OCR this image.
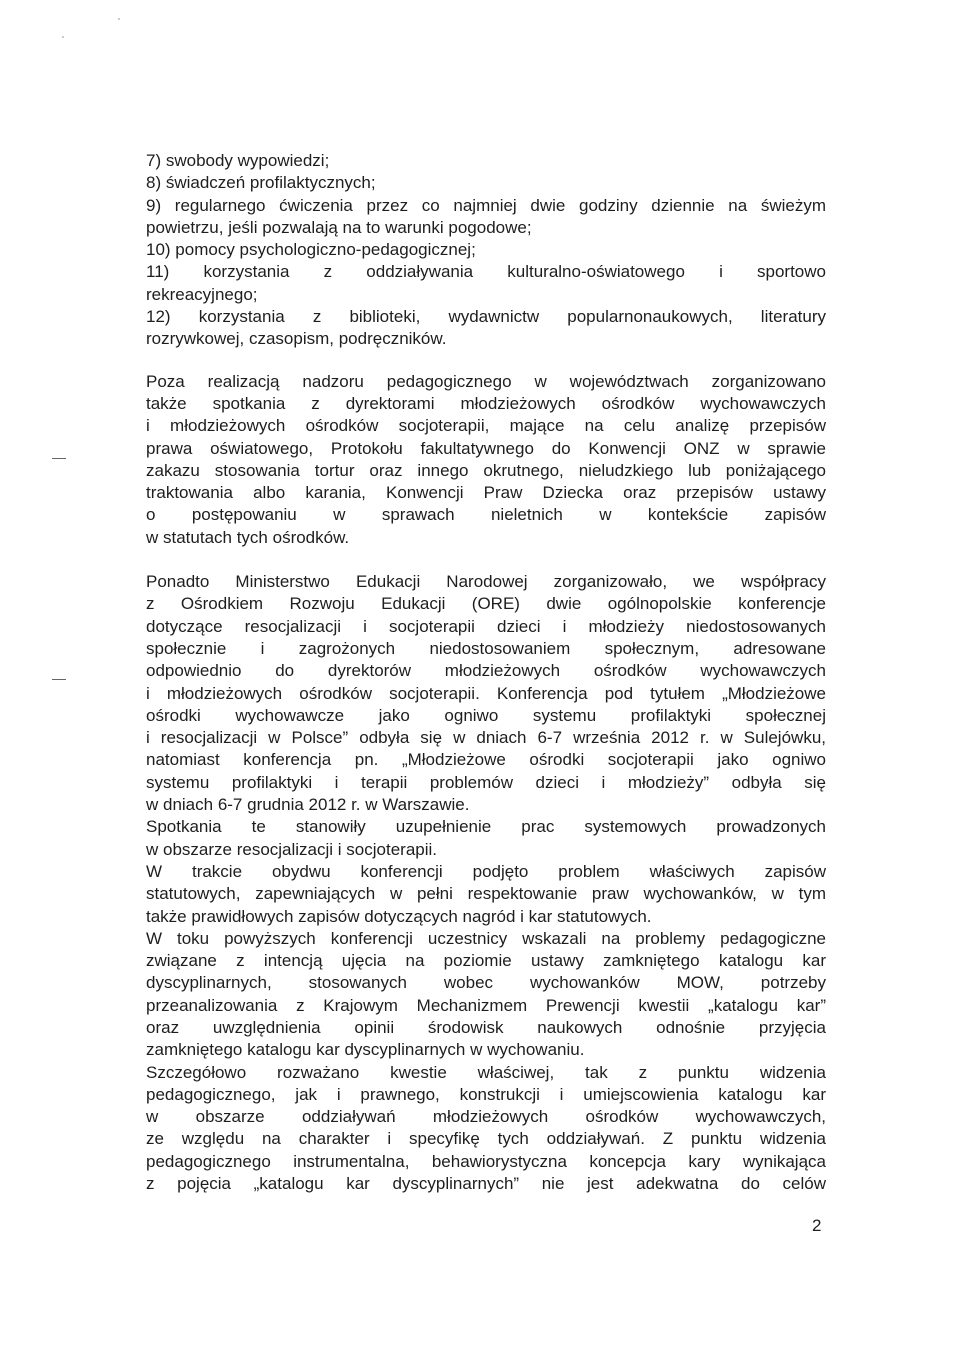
7) swobody wypowiedzi;
8) świadczeń profilaktycznych;
9) regularnego ćwiczenia przez co najmniej dwie godziny dziennie na świeżym
powietrzu, jeśli pozwalają na to warunki pogodowe;
10) pomocy psychologiczno-pedagogicznej;
11) korzystania z oddziaływania kulturalno-oświatowego i sportowo
rekreacyjnego;
12) korzystania z biblioteki, wydawnictw popularnonaukowych, literatury
rozrywkowej, czasopism, podręczników.
Poza realizacją nadzoru pedagogicznego w województwach zorganizowano
także spotkania z dyrektorami młodzieżowych ośrodków wychowawczych
i młodzieżowych ośrodków socjoterapii, mające na celu analizę przepisów
prawa oświatowego, Protokołu fakultatywnego do Konwencji ONZ w sprawie
zakazu stosowania tortur oraz innego okrutnego, nieludzkiego lub poniżającego
traktowania albo karania, Konwencji Praw Dziecka oraz przepisów ustawy
o postępowaniu w sprawach nieletnich w kontekście zapisów
w statutach tych ośrodków.
Ponadto Ministerstwo Edukacji Narodowej zorganizowało, we współpracy
z Ośrodkiem Rozwoju Edukacji (ORE) dwie ogólnopolskie konferencje
dotyczące resocjalizacji i socjoterapii dzieci i młodzieży niedostosowanych
społecznie i zagrożonych niedostosowaniem społecznym, adresowane
odpowiednio do dyrektorów młodzieżowych ośrodków wychowawczych
i młodzieżowych ośrodków socjoterapii. Konferencja pod tytułem „Młodzieżowe
ośrodki wychowawcze jako ogniwo systemu profilaktyki społecznej
i resocjalizacji w Polsce” odbyła się w dniach 6-7 września 2012 r. w Sulejówku,
natomiast konferencja pn. „Młodzieżowe ośrodki socjoterapii jako ogniwo
systemu profilaktyki i terapii problemów dzieci i młodzieży” odbyła się
w dniach 6-7 grudnia 2012 r. w Warszawie.
Spotkania te stanowiły uzupełnienie prac systemowych prowadzonych
w obszarze resocjalizacji i socjoterapii.
W trakcie obydwu konferencji podjęto problem właściwych zapisów
statutowych, zapewniających w pełni respektowanie praw wychowanków, w tym
także prawidłowych zapisów dotyczących nagród i kar statutowych.
W toku powyższych konferencji uczestnicy wskazali na problemy pedagogiczne
związane z intencją ujęcia na poziomie ustawy zamkniętego katalogu kar
dyscyplinarnych, stosowanych wobec wychowanków MOW, potrzeby
przeanalizowania z Krajowym Mechanizmem Prewencji kwestii „katalogu kar”
oraz uwzględnienia opinii środowisk naukowych odnośnie przyjęcia
zamkniętego katalogu kar dyscyplinarnych w wychowaniu.
Szczegółowo rozważano kwestie właściwej, tak z punktu widzenia
pedagogicznego, jak i prawnego, konstrukcji i umiejscowienia katalogu kar
w obszarze oddziaływań młodzieżowych ośrodków wychowawczych,
ze względu na charakter i specyfikę tych oddziaływań. Z punktu widzenia
pedagogicznego instrumentalna, behawiorystyczna koncepcja kary wynikająca
z pojęcia „katalogu kar dyscyplinarnych” nie jest adekwatna do celów
2
